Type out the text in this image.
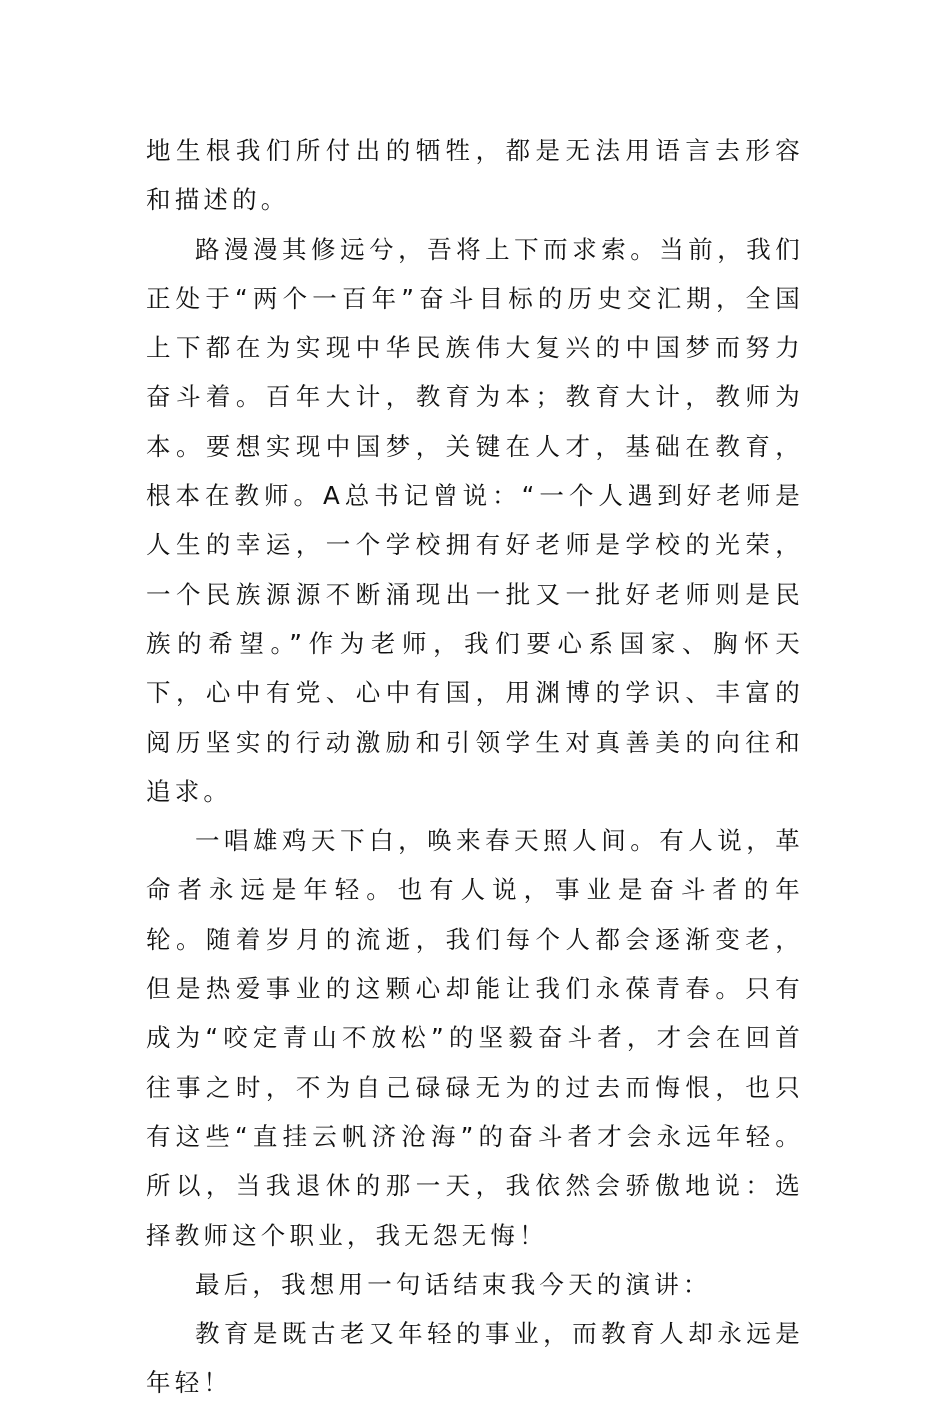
地生根我们所付出的牺牲，都是无法用语言去形容和描述的。

路漫漫其修远兮，吾将上下而求索。当前，我们正处于“两个一百年”奋斗目标的历史交汇期，全国上下都在为实现中华民族伟大复兴的中国梦而努力奋斗着。百年大计，教育为本；教育大计，教师为本。要想实现中国梦，关键在人才，基础在教育，根本在教师。A总书记曾说：“一个人遇到好老师是人生的幸运，一个学校拥有好老师是学校的光荣，一个民族源源不断涌现出一批又一批好老师则是民族的希望。”作为老师，我们要心系国家、胸怀天下，心中有党、心中有国，用渊博的学识、丰富的阅历坚实的行动激励和引领学生对真善美的向往和追求。

一唱雄鸡天下白，唤来春天照人间。有人说，革命者永远是年轻。也有人说，事业是奋斗者的年轮。随着岁月的流逝，我们每个人都会逐渐变老，但是热爱事业的这颗心却能让我们永葆青春。只有成为“咬定青山不放松”的坚毅奋斗者，才会在回首往事之时，不为自己碌碌无为的过去而悔恨，也只有这些“直挂云帆济沧海”的奋斗者才会永远年轻。所以，当我退休的那一天，我依然会骄傲地说：选择教师这个职业，我无怨无悔！

最后，我想用一句话结束我今天的演讲：

教育是既古老又年轻的事业，而教育人却永远是年轻！
